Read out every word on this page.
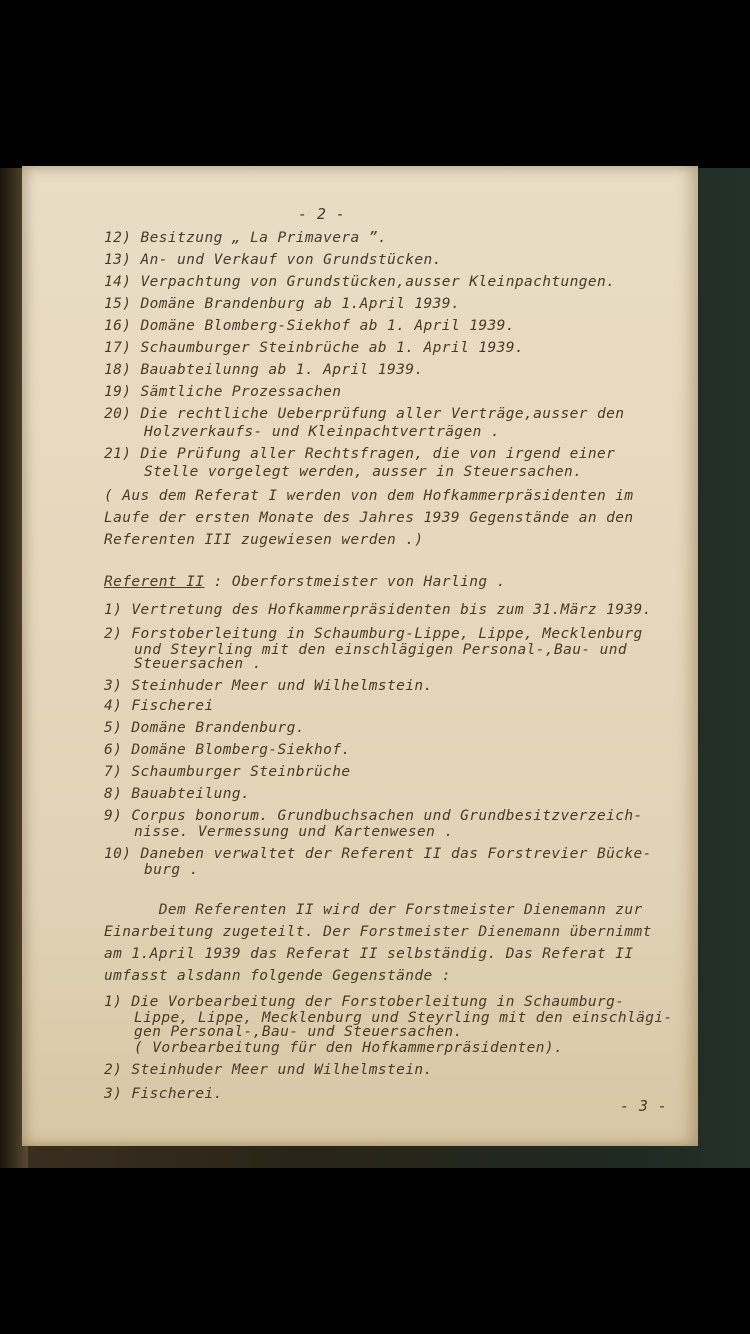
- 2 -
12) Besitzung „ La Primavera ”.
13) An- und Verkauf von Grundstücken.
14) Verpachtung von Grundstücken,ausser Kleinpachtungen.
15) Domäne Brandenburg ab 1.April 1939.
16) Domäne Blomberg-Siekhof ab 1. April 1939.
17) Schaumburger Steinbrüche ab 1. April 1939.
18) Bauabteilunng ab 1. April 1939.
19) Sämtliche Prozessachen
20) Die rechtliche Ueberprüfung aller Verträge,ausser den
Holzverkaufs- und Kleinpachtverträgen .
21) Die Prüfung aller Rechtsfragen, die von irgend einer
Stelle vorgelegt werden, ausser in Steuersachen.
( Aus dem Referat I werden von dem Hofkammerpräsidenten im
Laufe der ersten Monate des Jahres 1939 Gegenstände an den
Referenten III zugewiesen werden .)
Referent II : Oberforstmeister von Harling .
1) Vertretung des Hofkammerpräsidenten bis zum 31.März 1939.
2) Forstoberleitung in Schaumburg-Lippe, Lippe, Mecklenburg
und Steyrling mit den einschlägigen Personal-,Bau- und
Steuersachen .
3) Steinhuder Meer und Wilhelmstein.
4) Fischerei
5) Domäne Brandenburg.
6) Domäne Blomberg-Siekhof.
7) Schaumburger Steinbrüche
8) Bauabteilung.
9) Corpus bonorum. Grundbuchsachen und Grundbesitzverzeich-
nisse. Vermessung und Kartenwesen .
10) Daneben verwaltet der Referent II das Forstrevier Bücke-
burg .
Dem Referenten II wird der Forstmeister Dienemann zur
Einarbeitung zugeteilt. Der Forstmeister Dienemann übernimmt
am 1.April 1939 das Referat II selbständig. Das Referat II
umfasst alsdann folgende Gegenstände :
1) Die Vorbearbeitung der Forstoberleitung in Schaumburg-
Lippe, Lippe, Mecklenburg und Steyrling mit den einschlägi-
gen Personal-,Bau- und Steuersachen.
( Vorbearbeitung für den Hofkammerpräsidenten).
2) Steinhuder Meer und Wilhelmstein.
3) Fischerei.
- 3 -
